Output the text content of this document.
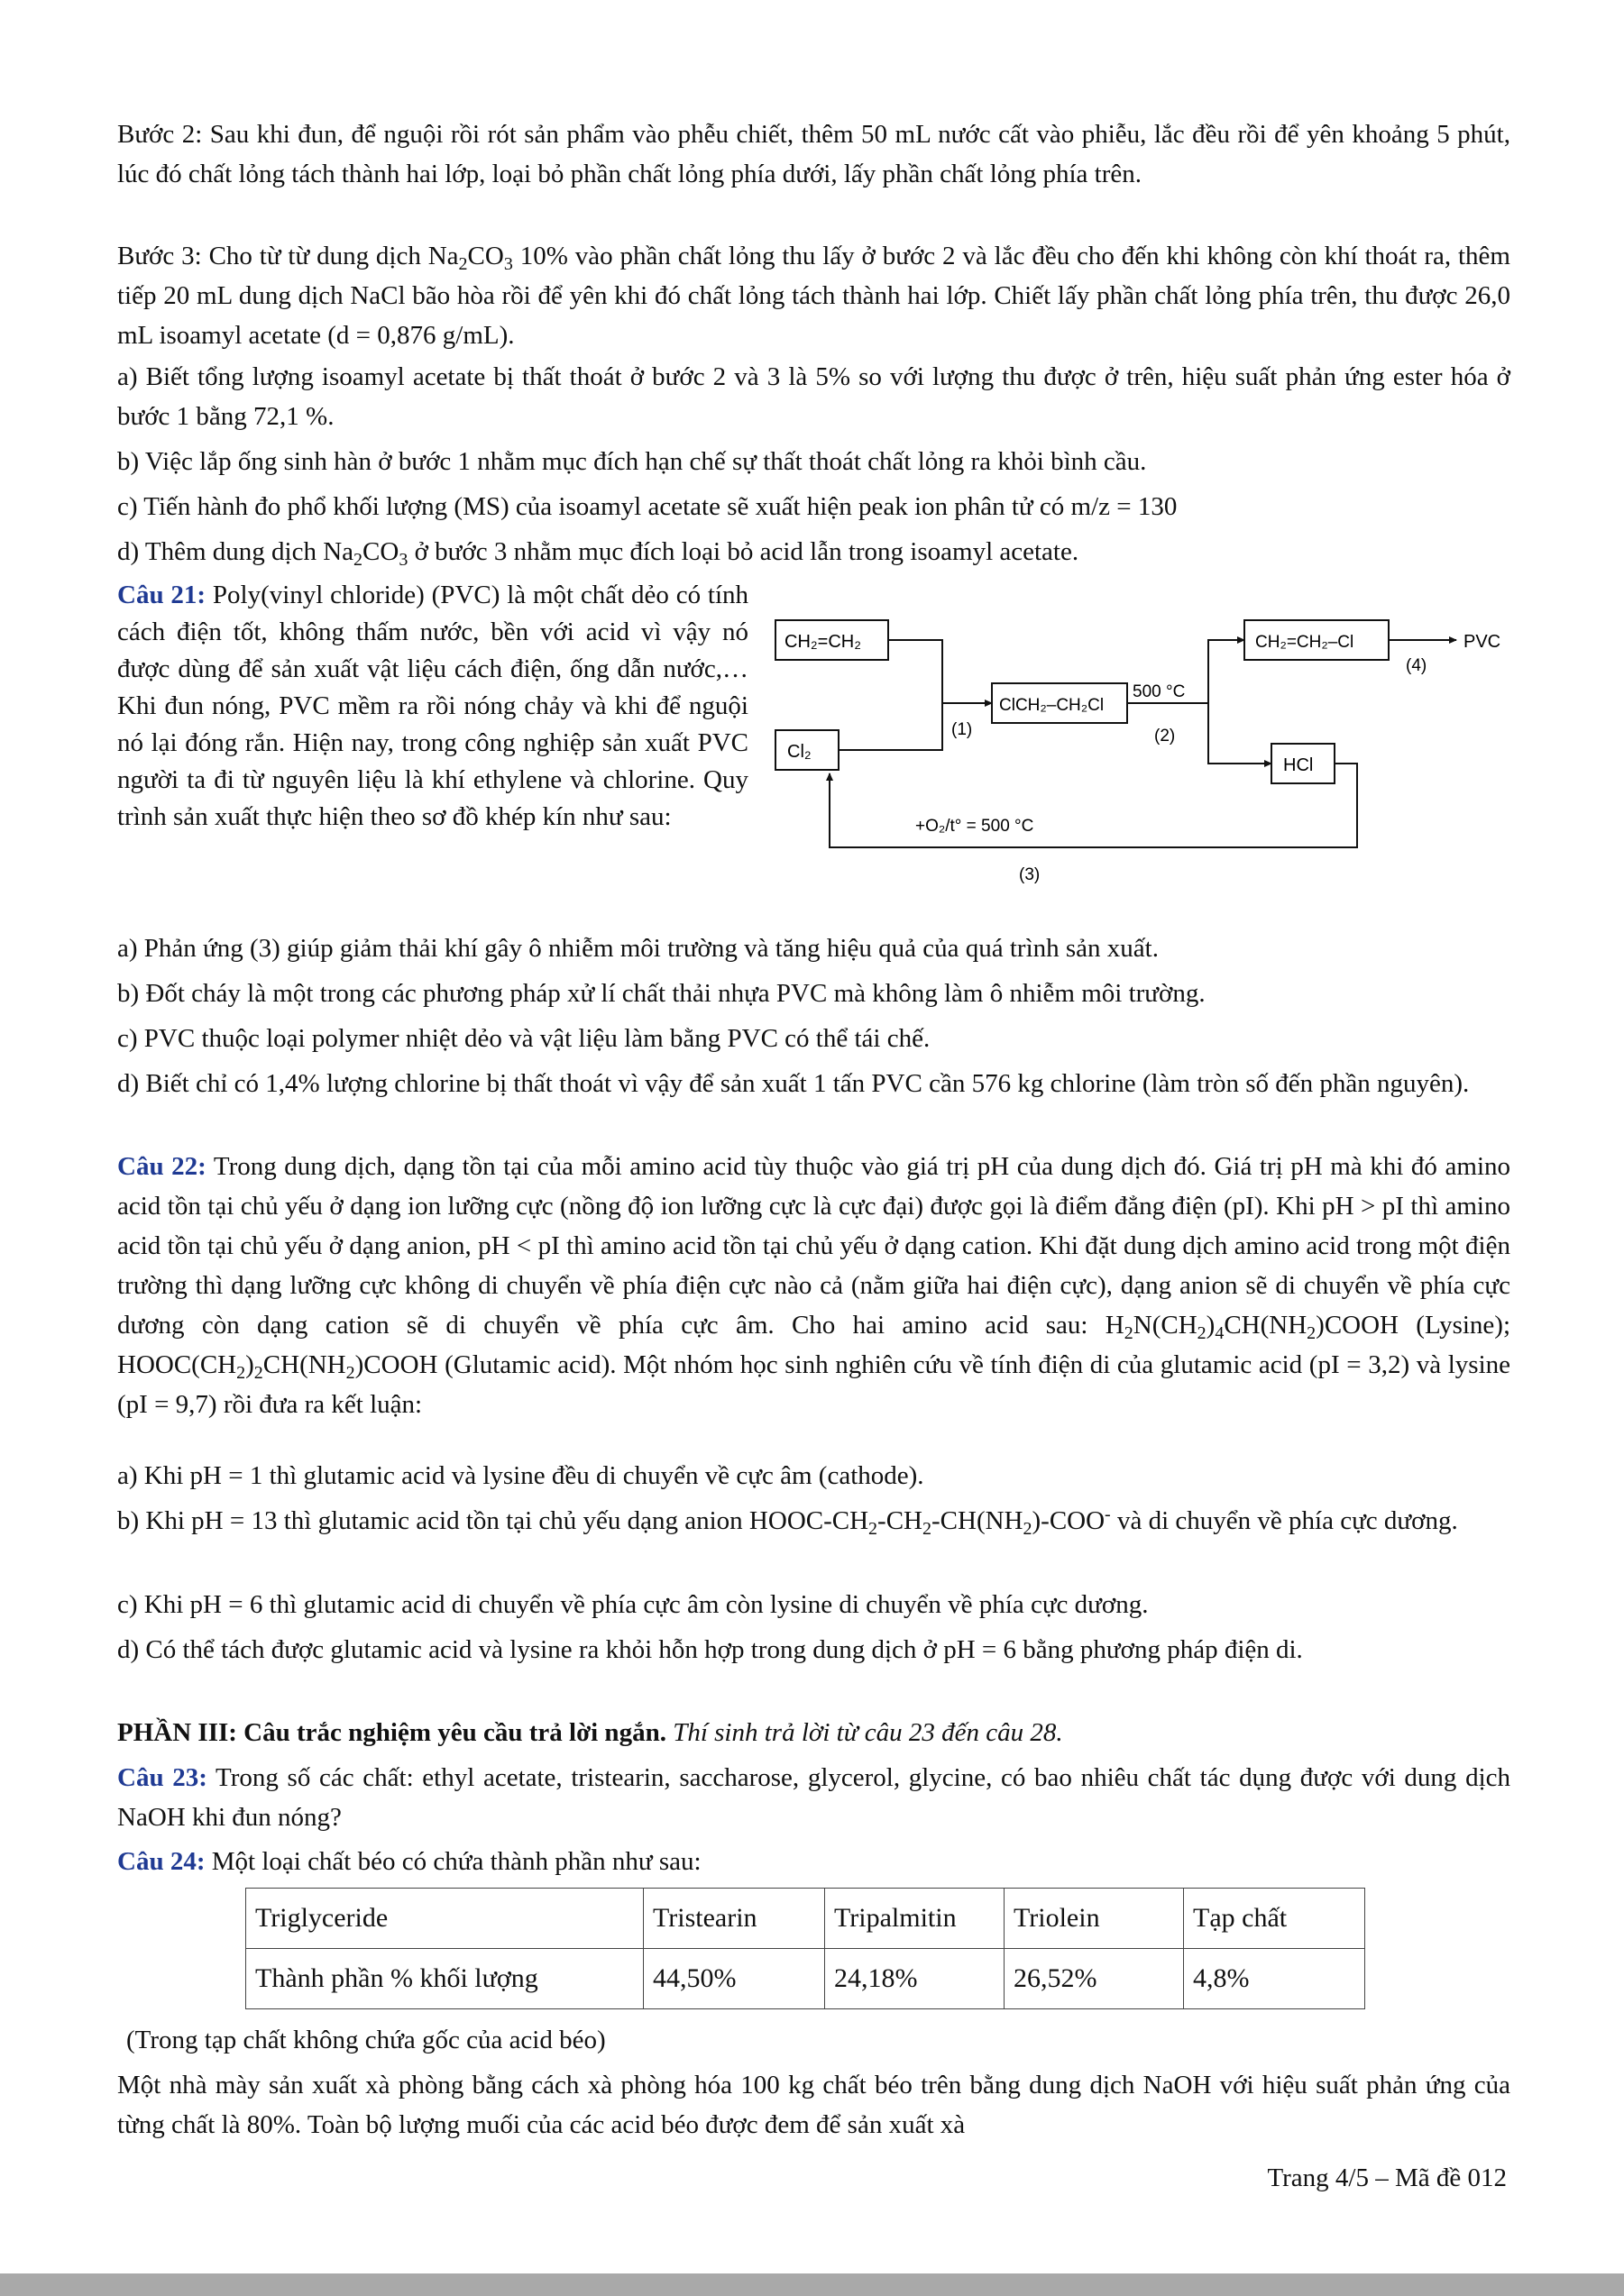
Bước 2: Sau khi đun, để nguội rồi rót sản phẩm vào phễu chiết, thêm 50 mL nước cất vào phiễu, lắc đều rồi để yên khoảng 5 phút, lúc đó chất lỏng tách thành hai lớp, loại bỏ phần chất lỏng phía dưới, lấy phần chất lỏng phía trên.

Bước 3: Cho từ từ dung dịch $Na_2CO_3$ 10% vào phần chất lỏng thu lấy ở bước 2 và lắc đều cho đến khi không còn khí thoát ra, thêm tiếp 20 mL dung dịch NaCl bão hòa rồi để yên khi đó chất lỏng tách thành hai lớp. Chiết lấy phần chất lỏng phía trên, thu được 26,0 mL isoamyl acetate (d = 0,876 g/mL).

a) Biết tổng lượng isoamyl acetate bị thất thoát ở bước 2 và 3 là 5% so với lượng thu được ở trên, hiệu suất phản ứng ester hóa ở bước 1 bằng 72,1 %.

b) Việc lắp ống sinh hàn ở bước 1 nhằm mục đích hạn chế sự thất thoát chất lỏng ra khỏi bình cầu.

c) Tiến hành đo phổ khối lượng (MS) của isoamyl acetate sẽ xuất hiện peak ion phân tử có m/z = 130

d) Thêm dung dịch $Na_2CO_3$ ở bước 3 nhằm mục đích loại bỏ acid lẫn trong isoamyl acetate.

Câu 21: Poly(vinyl chloride) (PVC) là một chất dẻo có tính cách điện tốt, không thấm nước, bền với acid vì vậy nó được dùng để sản xuất vật liệu cách điện, ống dẫn nước,…Khi đun nóng, PVC mềm ra rồi nóng chảy và khi để nguội nó lại đóng rắn. Hiện nay, trong công nghiệp sản xuất PVC người ta đi từ nguyên liệu là khí ethylene và chlorine. Quy trình sản xuất thực hiện theo sơ đồ khép kín như sau:

CH₂=CH₂
Cl₂
ClCH₂–CH₂Cl
500 °C
(1)	(2)
CH₂=CH₂–Cl
(4)
PVC
HCl
+O₂/t° = 500 °C
(3)

a) Phản ứng (3) giúp giảm thải khí gây ô nhiễm môi trường và tăng hiệu quả của quá trình sản xuất.

b) Đốt cháy là một trong các phương pháp xử lí chất thải nhựa PVC mà không làm ô nhiễm môi trường.

c) PVC thuộc loại polymer nhiệt dẻo và vật liệu làm bằng PVC có thể tái chế.

d) Biết chỉ có 1,4% lượng chlorine bị thất thoát vì vậy để sản xuất 1 tấn PVC cần 576 kg chlorine (làm tròn số đến phần nguyên).

Câu 22: Trong dung dịch, dạng tồn tại của mỗi amino acid tùy thuộc vào giá trị pH của dung dịch đó. Giá trị pH mà khi đó amino acid tồn tại chủ yếu ở dạng ion lưỡng cực (nồng độ ion lưỡng cực là cực đại) được gọi là điểm đẳng điện (pI). Khi pH > pI thì amino acid tồn tại chủ yếu ở dạng anion, pH < pI thì amino acid tồn tại chủ yếu ở dạng cation. Khi đặt dung dịch amino acid trong một điện trường thì dạng lưỡng cực không di chuyển về phía điện cực nào cả (nằm giữa hai điện cực), dạng anion sẽ di chuyển về phía cực dương còn dạng cation sẽ di chuyển về phía cực âm. Cho hai amino acid sau: $H_2N(CH_2)_4CH(NH_2)COOH$ (Lysine); $HOOC(CH_2)_2CH(NH_2)COOH$ (Glutamic acid). Một nhóm học sinh nghiên cứu về tính điện di của glutamic acid (pI = 3,2) và lysine (pI = 9,7) rồi đưa ra kết luận:

a) Khi pH = 1 thì glutamic acid và lysine đều di chuyển về cực âm (cathode).

b) Khi pH = 13 thì glutamic acid tồn tại chủ yếu dạng anion HOOC-$CH_2-CH_2-CH(NH_2)-COO^-$ và di chuyển về phía cực dương.

c) Khi pH = 6 thì glutamic acid di chuyển về phía cực âm còn lysine di chuyển về phía cực dương.

d) Có thể tách được glutamic acid và lysine ra khỏi hỗn hợp trong dung dịch ở pH = 6 bằng phương pháp điện di.

PHẦN III: Câu trắc nghiệm yêu cầu trả lời ngắn. Thí sinh trả lời từ câu 23 đến câu 28.

Câu 23: Trong số các chất: ethyl acetate, tristearin, saccharose, glycerol, glycine, có bao nhiêu chất tác dụng được với dung dịch NaOH khi đun nóng?

Câu 24: Một loại chất béo có chứa thành phần như sau:

Triglyceride	Tristearin	Tripalmitin	Triolein	Tạp chất
Thành phần % khối lượng	44,50%	24,18%	26,52%	4,8%

(Trong tạp chất không chứa gốc của acid béo)

Một nhà mày sản xuất xà phòng bằng cách xà phòng hóa 100 kg chất béo trên bằng dung dịch NaOH với hiệu suất phản ứng của từng chất là 80%. Toàn bộ lượng muối của các acid béo được đem để sản xuất xà

Trang 4/5 – Mã đề 012
